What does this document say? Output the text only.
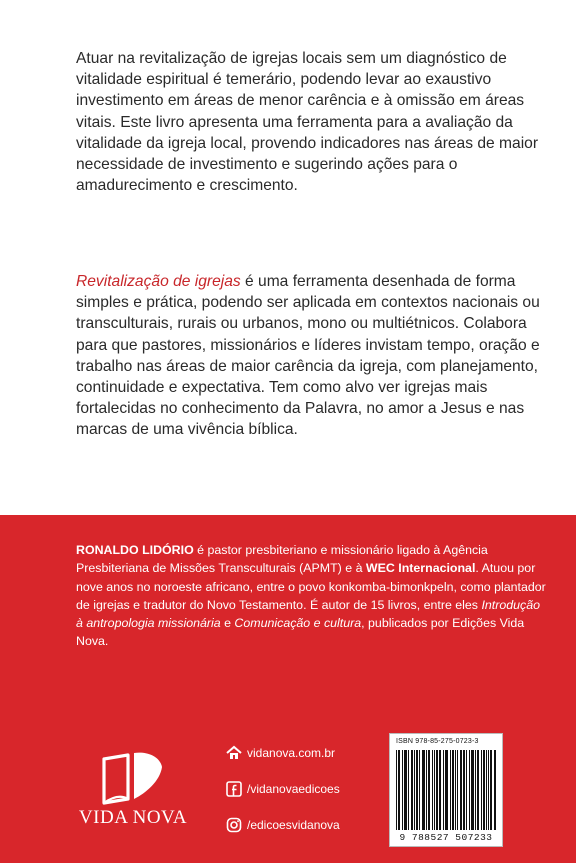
Atuar na revitalização de igrejas locais sem um diagnóstico de vitalidade espiritual é temerário, podendo levar ao exaustivo investimento em áreas de menor carência e à omissão em áreas vitais. Este livro apresenta uma ferramenta para a avaliação da vitalidade da igreja local, provendo indicadores nas áreas de maior necessidade de investimento e sugerindo ações para o amadurecimento e crescimento.

Revitalização de igrejas é uma ferramenta desenhada de forma simples e prática, podendo ser aplicada em contextos nacionais ou transculturais, rurais ou urbanos, mono ou multiétnicos. Colabora para que pastores, missionários e líderes invistam tempo, oração e trabalho nas áreas de maior carência da igreja, com planejamento, continuidade e expectativa. Tem como alvo ver igrejas mais fortalecidas no conhecimento da Palavra, no amor a Jesus e nas marcas de uma vivência bíblica.

RONALDO LIDÓRIO é pastor presbiteriano e missionário ligado à Agência Presbiteriana de Missões Transculturais (APMT) e à WEC Internacional. Atuou por nove anos no noroeste africano, entre o povo konkomba-bimonkpeln, como plantador de igrejas e tradutor do Novo Testamento. É autor de 15 livros, entre eles Introdução à antropologia missionária e Comunicação e cultura, publicados por Edições Vida Nova.

VIDA NOVA
vidanova.com.br
/vidanovaedicoes
/edicoesvidanova
ISBN 978-85-275-0723-3
9 788527 507233
